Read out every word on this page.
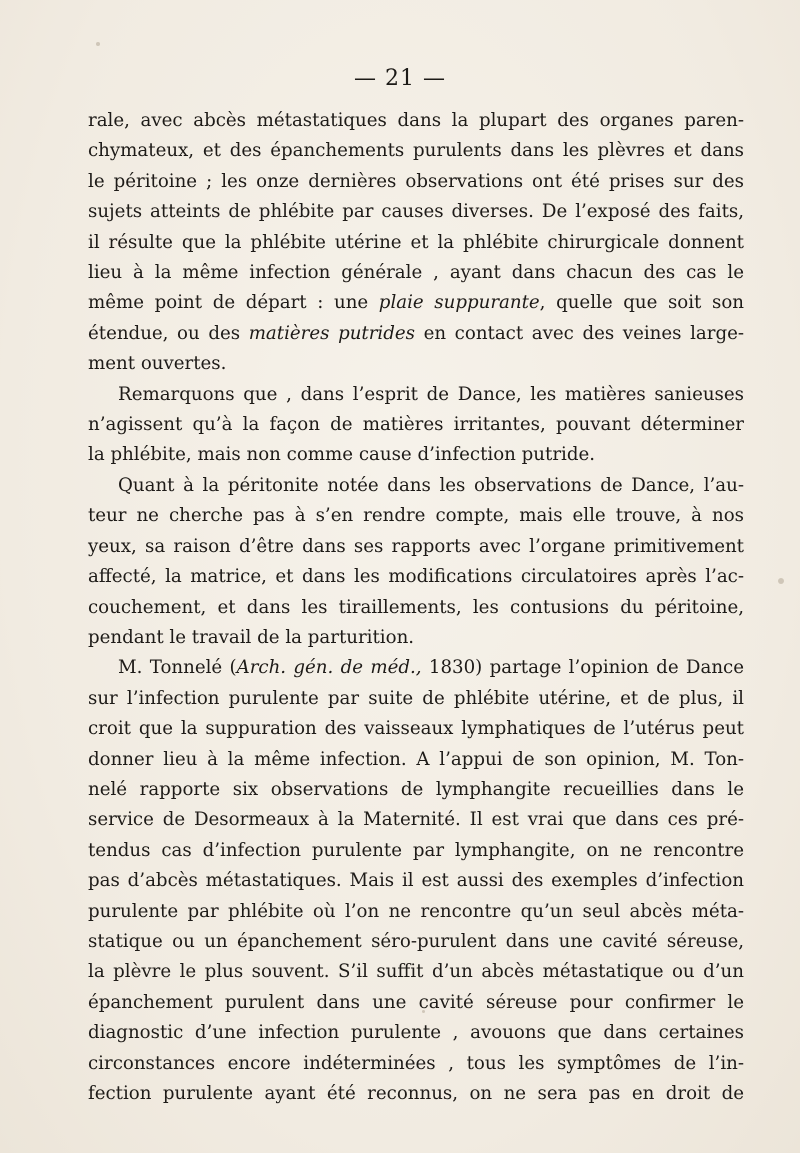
— 21 —
rale, avec abcès métastatiques dans la plupart des organes paren-
chymateux, et des épanchements purulents dans les plèvres et dans
le péritoine ; les onze dernières observations ont été prises sur des
sujets atteints de phlébite par causes diverses. De l’exposé des faits,
il résulte que la phlébite utérine et la phlébite chirurgicale donnent
lieu à la même infection générale , ayant dans chacun des cas le
même point de départ : une plaie suppurante, quelle que soit son
étendue, ou des matières putrides en contact avec des veines large-
ment ouvertes.
Remarquons que , dans l’esprit de Dance, les matières sanieuses
n’agissent qu’à la façon de matières irritantes, pouvant déterminer
la phlébite, mais non comme cause d’infection putride.
Quant à la péritonite notée dans les observations de Dance, l’au-
teur ne cherche pas à s’en rendre compte, mais elle trouve, à nos
yeux, sa raison d’être dans ses rapports avec l’organe primitivement
affecté, la matrice, et dans les modifications circulatoires après l’ac-
couchement, et dans les tiraillements, les contusions du péritoine,
pendant le travail de la parturition.
M. Tonnelé (Arch. gén. de méd., 1830) partage l’opinion de Dance
sur l’infection purulente par suite de phlébite utérine, et de plus, il
croit que la suppuration des vaisseaux lymphatiques de l’utérus peut
donner lieu à la même infection. A l’appui de son opinion, M. Ton-
nelé rapporte six observations de lymphangite recueillies dans le
service de Desormeaux à la Maternité. Il est vrai que dans ces pré-
tendus cas d’infection purulente par lymphangite, on ne rencontre
pas d’abcès métastatiques. Mais il est aussi des exemples d’infection
purulente par phlébite où l’on ne rencontre qu’un seul abcès méta-
statique ou un épanchement séro-purulent dans une cavité séreuse,
la plèvre le plus souvent. S’il suffit d’un abcès métastatique ou d’un
épanchement purulent dans une cavité séreuse pour confirmer le
diagnostic d’une infection purulente , avouons que dans certaines
circonstances encore indéterminées , tous les symptômes de l’in-
fection purulente ayant été reconnus, on ne sera pas en droit de
